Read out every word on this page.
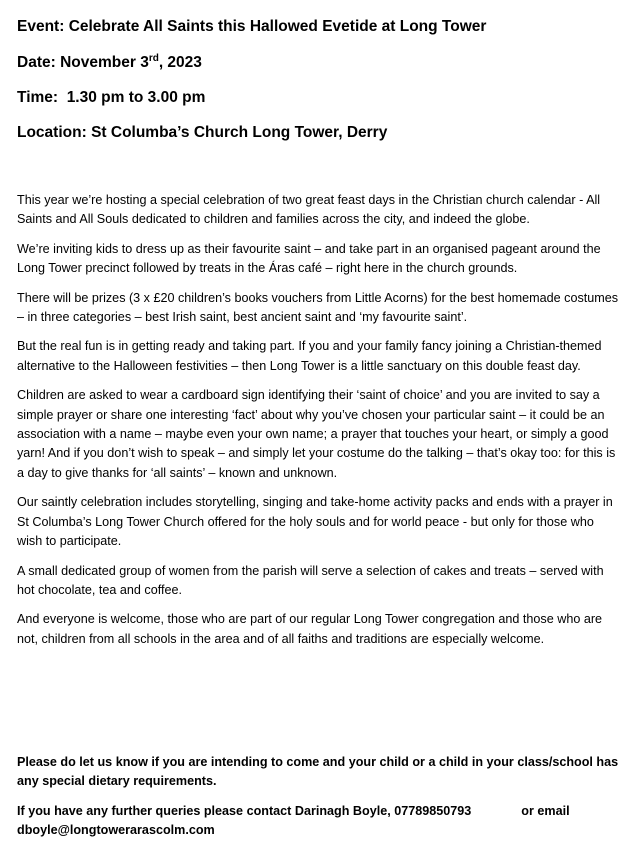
Event: Celebrate All Saints this Hallowed Evetide at Long Tower

Date: November 3rd, 2023

Time: 1.30 pm to 3.00 pm

Location: St Columba’s Church Long Tower, Derry

This year we’re hosting a special celebration of two great feast days in the Christian church calendar - All Saints and All Souls dedicated to children and families across the city, and indeed the globe.

We’re inviting kids to dress up as their favourite saint – and take part in an organised pageant around the Long Tower precinct followed by treats in the Áras café – right here in the church grounds.

There will be prizes (3 x £20 children’s books vouchers from Little Acorns) for the best homemade costumes – in three categories – best Irish saint, best ancient saint and ‘my favourite saint’.

But the real fun is in getting ready and taking part. If you and your family fancy joining a Christian-themed alternative to the Halloween festivities – then Long Tower is a little sanctuary on this double feast day.

Children are asked to wear a cardboard sign identifying their ‘saint of choice’ and you are invited to say a simple prayer or share one interesting ‘fact’ about why you’ve chosen your particular saint – it could be an association with a name – maybe even your own name; a prayer that touches your heart, or simply a good yarn! And if you don’t wish to speak – and simply let your costume do the talking – that’s okay too: for this is a day to give thanks for ‘all saints’ – known and unknown.

Our saintly celebration includes storytelling, singing and take-home activity packs and ends with a prayer in St Columba’s Long Tower Church offered for the holy souls and for world peace - but only for those who wish to participate.

A small dedicated group of women from the parish will serve a selection of cakes and treats – served with hot chocolate, tea and coffee.

And everyone is welcome, those who are part of our regular Long Tower congregation and those who are not, children from all schools in the area and of all faiths and traditions are especially welcome.

Please do let us know if you are intending to come and your child or a child in your class/school has any special dietary requirements.

If you have any further queries please contact Darinagh Boyle, 07789850793	or email
dboyle@longtowerarascolm.com
